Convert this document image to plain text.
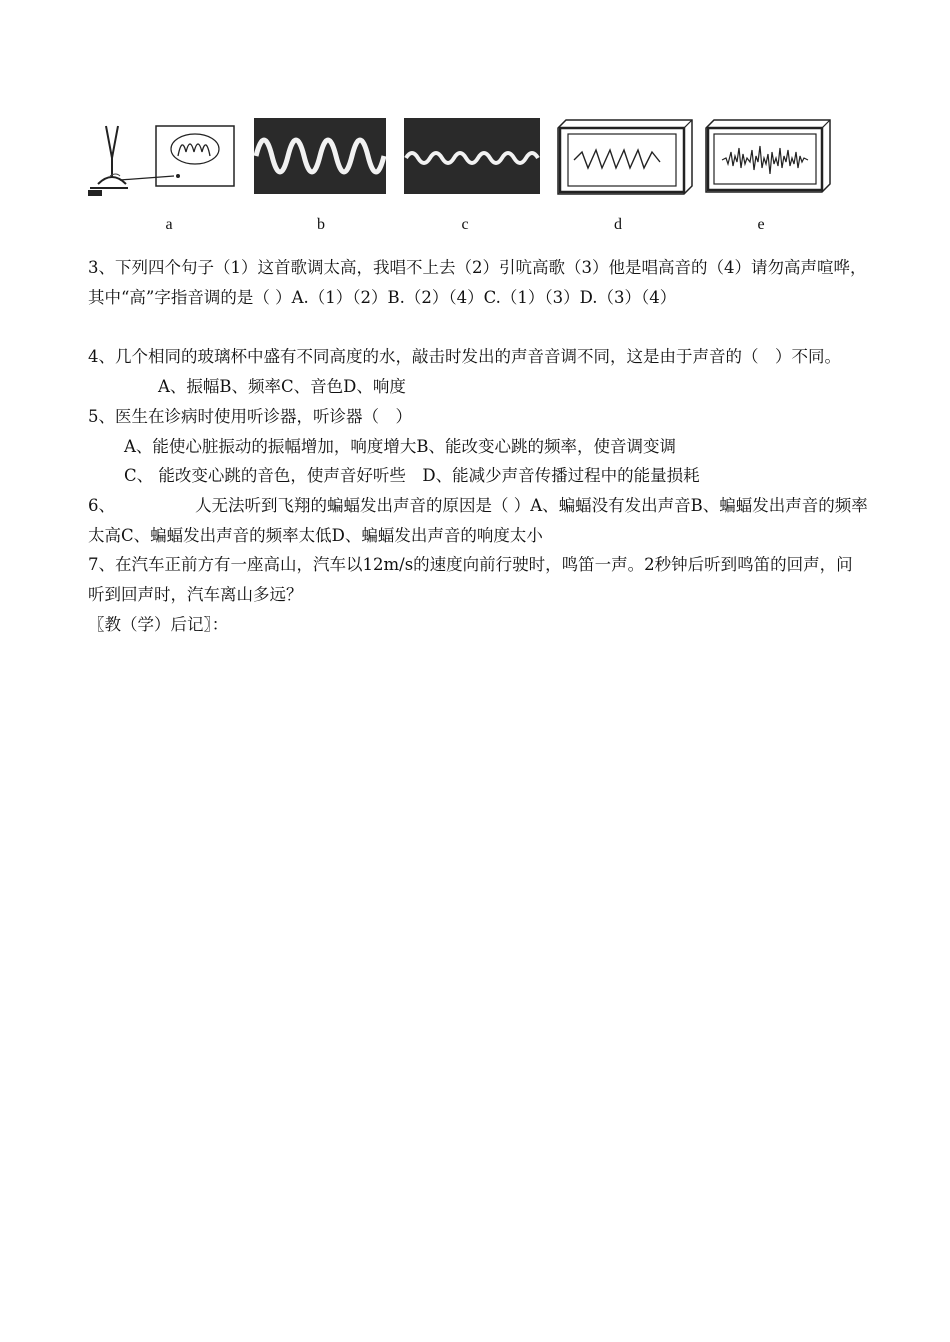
a	b	c	d	e
3、下列四个句子（1）这首歌调太高，我唱不上去（2）引吭高歌（3）他是唱高音的（4）请勿高声喧哗，其中“高”字指音调的是（ ）A.（1）（2）B.（2）（4）C.（1）（3）D.（3）（4）
4、几个相同的玻璃杯中盛有不同高度的水，敲击时发出的声音音调不同，这是由于声音的（　）不同。A、振幅B、频率C、音色D、响度
5、医生在诊病时使用听诊器，听诊器（　）
A、能使心脏振动的振幅增加，响度增大B、能改变心跳的频率，使音调变调
C、 能改变心跳的音色，使声音好听些　D、能减少声音传播过程中的能量损耗
6、	人无法听到飞翔的蝙蝠发出声音的原因是（ ）A、蝙蝠没有发出声音B、蝙蝠发出声音的频率太高C、蝙蝠发出声音的频率太低D、蝙蝠发出声音的响度太小
7、在汽车正前方有一座高山，汽车以12m/s的速度向前行驶时，鸣笛一声。2秒钟后听到鸣笛的回声，问听到回声时，汽车离山多远？
〖教（学）后记〗：
